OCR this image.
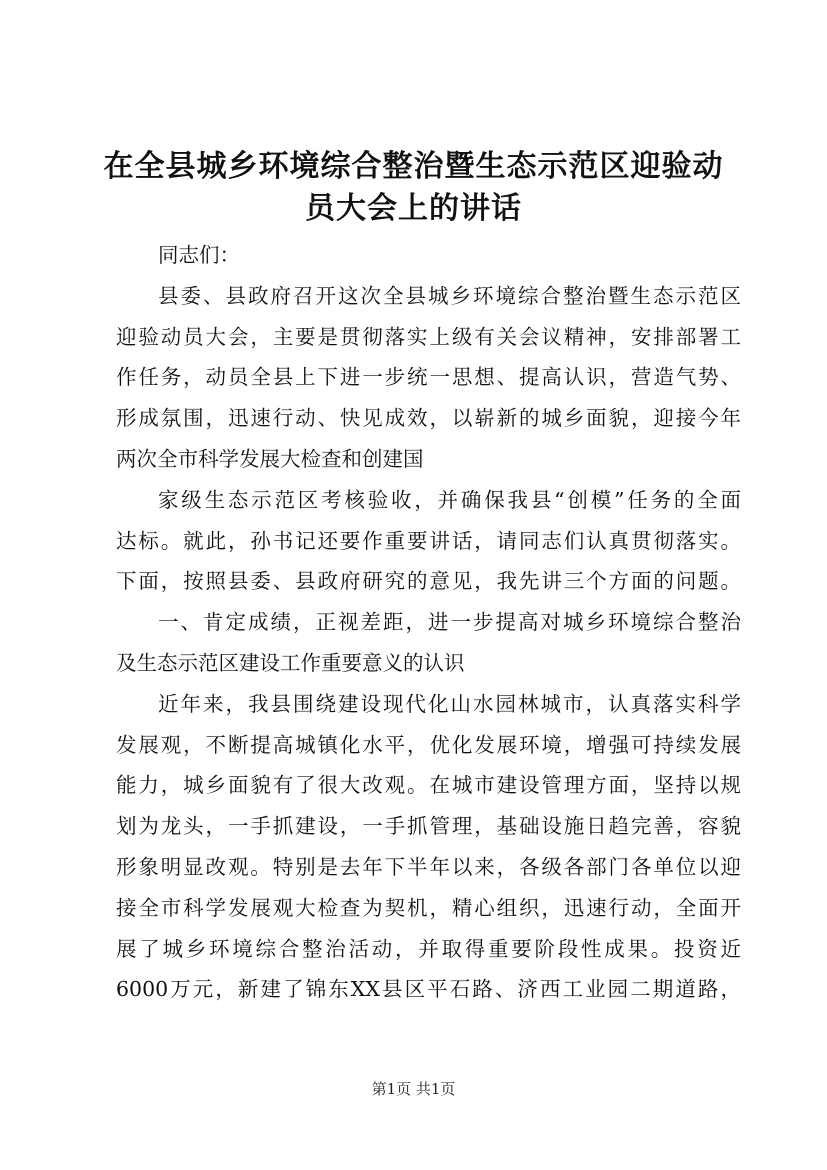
在全县城乡环境综合整治暨生态示范区迎验动
员大会上的讲话
同志们：
县委、县政府召开这次全县城乡环境综合整治暨生态示范区
迎验动员大会，主要是贯彻落实上级有关会议精神，安排部署工
作任务，动员全县上下进一步统一思想、提高认识，营造气势、
形成氛围，迅速行动、快见成效，以崭新的城乡面貌，迎接今年
两次全市科学发展大检查和创建国
家级生态示范区考核验收，并确保我县“创模”任务的全面
达标。就此，孙书记还要作重要讲话，请同志们认真贯彻落实。
下面，按照县委、县政府研究的意见，我先讲三个方面的问题。
一、肯定成绩，正视差距，进一步提高对城乡环境综合整治
及生态示范区建设工作重要意义的认识
近年来，我县围绕建设现代化山水园林城市，认真落实科学
发展观，不断提高城镇化水平，优化发展环境，增强可持续发展
能力，城乡面貌有了很大改观。在城市建设管理方面，坚持以规
划为龙头，一手抓建设，一手抓管理，基础设施日趋完善，容貌
形象明显改观。特别是去年下半年以来，各级各部门各单位以迎
接全市科学发展观大检查为契机，精心组织，迅速行动，全面开
展了城乡环境综合整治活动，并取得重要阶段性成果。投资近
6000万元，新建了锦东XX县区平石路、济西工业园二期道路，
第1页 共1页
